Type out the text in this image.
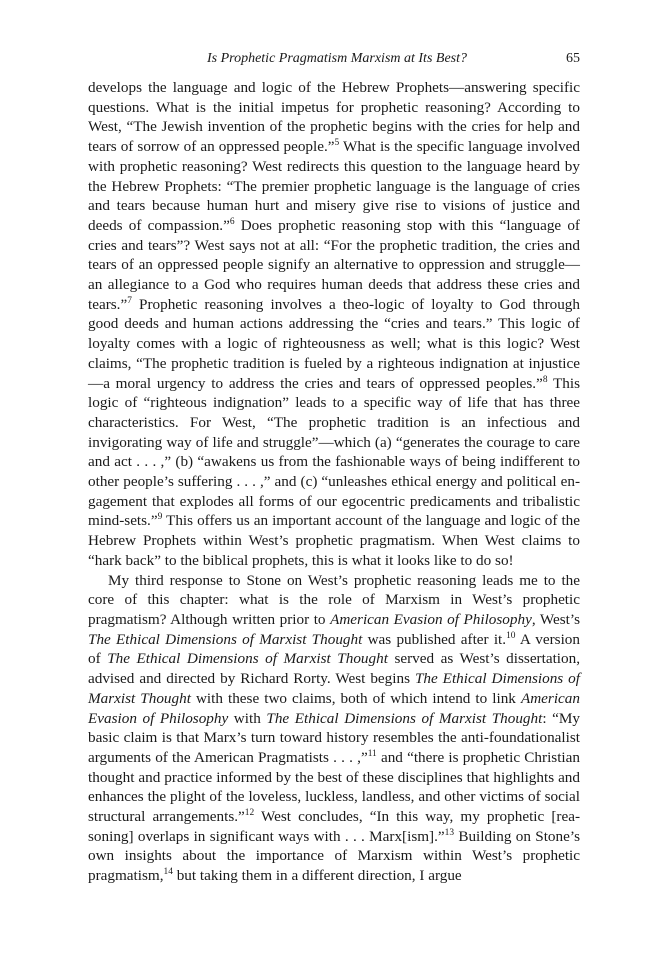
Is Prophetic Pragmatism Marxism at Its Best?	65

develops the language and logic of the Hebrew Prophets—answering specific questions. What is the initial impetus for prophetic reasoning? According to West, “The Jewish invention of the prophetic begins with the cries for help and tears of sorrow of an oppressed people.”$^5$ What is the specific language involved with prophetic reasoning? West redirects this question to the language heard by the Hebrew Prophets: “The premier prophetic language is the language of cries and tears because human hurt and misery give rise to visions of justice and deeds of compassion.”$^6$ Does prophetic reasoning stop with this “language of cries and tears”? West says not at all: “For the prophetic tradition, the cries and tears of an oppressed people signify an alternative to oppression and struggle—an allegiance to a God who requires human deeds that address these cries and tears.”$^7$ Prophetic reasoning involves a theo-logic of loyalty to God through good deeds and human actions addressing the “cries and tears.” This logic of loyalty comes with a logic of righteousness as well; what is this logic? West claims, “The prophetic tradition is fueled by a righteous indignation at injustice—a moral urgency to address the cries and tears of oppressed peoples.”$^8$ This logic of “righteous indignation” leads to a specific way of life that has three characteristics. For West, “The prophetic tradition is an infectious and invigorating way of life and struggle”—which (a) “generates the courage to care and act . . . ,” (b) “awakens us from the fashionable ways of being indifferent to other people’s suffering . . . ,” and (c) “unleashes ethical energy and political engagement that explodes all forms of our egocentric predicaments and tribalistic mind-sets.”$^9$ This offers us an important account of the language and logic of the Hebrew Prophets within West’s prophetic pragmatism. When West claims to “hark back” to the biblical prophets, this is what it looks like to do so!

My third response to Stone on West’s prophetic reasoning leads me to the core of this chapter: what is the role of Marxism in West’s prophetic pragmatism? Although written prior to American Evasion of Philosophy, West’s The Ethical Dimensions of Marxist Thought was published after it.$^{10}$ A version of The Ethical Dimensions of Marxist Thought served as West’s dissertation, advised and directed by Richard Rorty. West begins The Ethical Dimensions of Marxist Thought with these two claims, both of which intend to link American Evasion of Philosophy with The Ethical Dimensions of Marxist Thought: “My basic claim is that Marx’s turn toward history resembles the anti-foundationalist arguments of the American Pragmatists . . . ,”$^{11}$ and “there is prophetic Christian thought and practice informed by the best of these disciplines that highlights and enhances the plight of the loveless, luckless, landless, and other victims of social structural arrangements.”$^{12}$ West concludes, “In this way, my prophetic [reasoning] overlaps in significant ways with . . . Marx[ism].”$^{13}$ Building on Stone’s own insights about the importance of Marxism within West’s prophetic pragmatism,$^{14}$ but taking them in a different direction, I argue
